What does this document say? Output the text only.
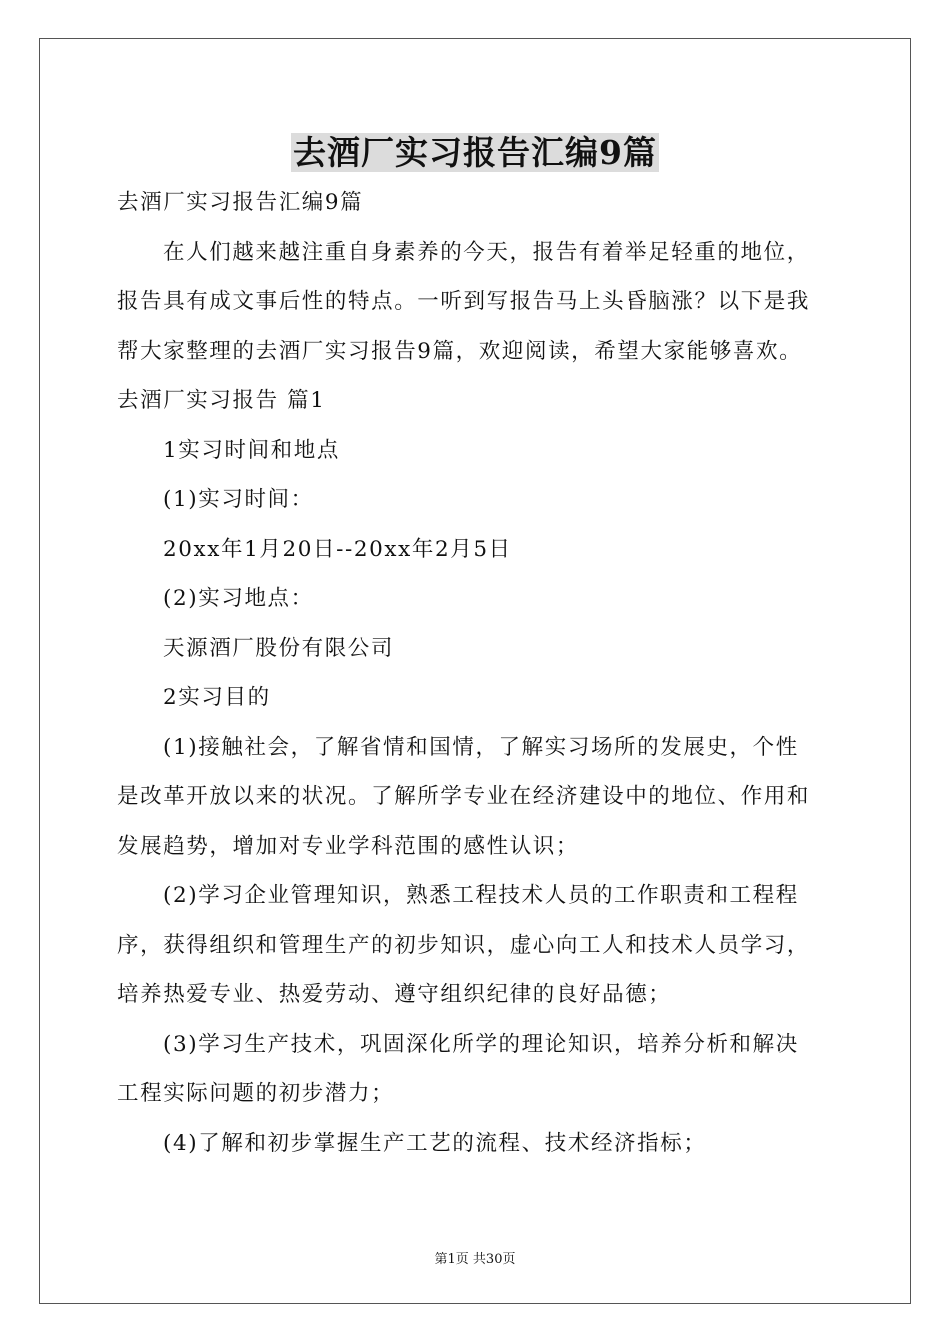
去酒厂实习报告汇编9篇

去酒厂实习报告汇编9篇

在人们越来越注重自身素养的今天，报告有着举足轻重的地位，

报告具有成文事后性的特点。一听到写报告马上头昏脑涨？以下是我

帮大家整理的去酒厂实习报告9篇，欢迎阅读，希望大家能够喜欢。

去酒厂实习报告 篇1

1实习时间和地点

(1)实习时间：

20xx年1月20日--20xx年2月5日

(2)实习地点：

天源酒厂股份有限公司

2实习目的

(1)接触社会，了解省情和国情，了解实习场所的发展史，个性

是改革开放以来的状况。了解所学专业在经济建设中的地位、作用和

发展趋势，增加对专业学科范围的感性认识；

(2)学习企业管理知识，熟悉工程技术人员的工作职责和工程程

序，获得组织和管理生产的初步知识，虚心向工人和技术人员学习，

培养热爱专业、热爱劳动、遵守组织纪律的良好品德；

(3)学习生产技术，巩固深化所学的理论知识，培养分析和解决

工程实际问题的初步潜力；

(4)了解和初步掌握生产工艺的流程、技术经济指标；

第1页 共30页
